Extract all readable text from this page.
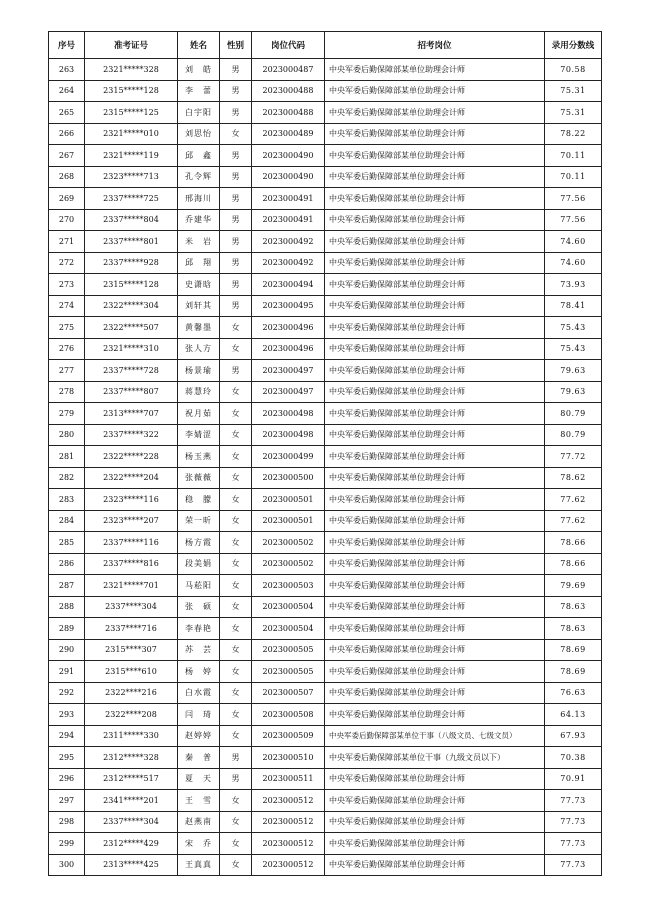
序号	准考证号	姓名	性别	岗位代码	招考岗位	录用分数线
263	2321*****328	刘　皓	男	2023000487	中央军委后勤保障部某单位助理会计师	70.58
264	2315*****128	李　蕾	男	2023000488	中央军委后勤保障部某单位助理会计师	75.31
265	2315*****125	白宇阳	男	2023000488	中央军委后勤保障部某单位助理会计师	75.31
266	2321*****010	刘思怡	女	2023000489	中央军委后勤保障部某单位助理会计师	78.22
267	2321*****119	邱　鑫	男	2023000490	中央军委后勤保障部某单位助理会计师	70.11
268	2323*****713	孔令辉	男	2023000490	中央军委后勤保障部某单位助理会计师	70.11
269	2337*****725	邢海川	男	2023000491	中央军委后勤保障部某单位助理会计师	77.56
270	2337*****804	乔建华	男	2023000491	中央军委后勤保障部某单位助理会计师	77.56
271	2337*****801	米　岩	男	2023000492	中央军委后勤保障部某单位助理会计师	74.60
272	2337*****928	邱　翔	男	2023000492	中央军委后勤保障部某单位助理会计师	74.60
273	2315*****128	史潇晗	男	2023000494	中央军委后勤保障部某单位助理会计师	73.93
274	2322*****304	刘轩其	男	2023000495	中央军委后勤保障部某单位助理会计师	78.41
275	2322*****507	黄馨墨	女	2023000496	中央军委后勤保障部某单位助理会计师	75.43
276	2321*****310	张人方	女	2023000496	中央军委后勤保障部某单位助理会计师	75.43
277	2337*****728	杨景瑜	男	2023000497	中央军委后勤保障部某单位助理会计师	79.63
278	2337*****807	蒋慧玲	女	2023000497	中央军委后勤保障部某单位助理会计师	79.63
279	2313*****707	祝月茹	女	2023000498	中央军委后勤保障部某单位助理会计师	80.79
280	2337*****322	李婧涩	女	2023000498	中央军委后勤保障部某单位助理会计师	80.79
281	2322*****228	杨玉燕	女	2023000499	中央军委后勤保障部某单位助理会计师	77.72
282	2322*****204	张薇薇	女	2023000500	中央军委后勤保障部某单位助理会计师	78.62
283	2323*****116	稳　朦	女	2023000501	中央军委后勤保障部某单位助理会计师	77.62
284	2323*****207	荣一昕	女	2023000501	中央军委后勤保障部某单位助理会计师	77.62
285	2337*****116	杨方霞	女	2023000502	中央军委后勤保障部某单位助理会计师	78.66
286	2337*****816	段美娟	女	2023000502	中央军委后勤保障部某单位助理会计师	78.66
287	2321*****701	马菘阳	女	2023000503	中央军委后勤保障部某单位助理会计师	79.69
288	2337****304	张　硕	女	2023000504	中央军委后勤保障部某单位助理会计师	78.63
289	2337****716	李春艳	女	2023000504	中央军委后勤保障部某单位助理会计师	78.63
290	2315****307	苏　芸	女	2023000505	中央军委后勤保障部某单位助理会计师	78.69
291	2315****610	杨　婷	女	2023000505	中央军委后勤保障部某单位助理会计师	78.69
292	2322****216	白水霞	女	2023000507	中央军委后勤保障部某单位助理会计师	76.63
293	2322****208	闫　琦	女	2023000508	中央军委后勤保障部某单位助理会计师	64.13
294	2311*****330	赵婷婷	女	2023000509	中央军委后勤保障部某单位干事（八级文员、七级文员）	67.93
295	2312*****328	秦　普	男	2023000510	中央军委后勤保障部某单位干事（九级文员以下）	70.38
296	2312*****517	夏　天	男	2023000511	中央军委后勤保障部某单位助理会计师	70.91
297	2341*****201	王　雪	女	2023000512	中央军委后勤保障部某单位助理会计师	77.73
298	2337*****304	赵燕南	女	2023000512	中央军委后勤保障部某单位助理会计师	77.73
299	2312*****429	宋　乔	女	2023000512	中央军委后勤保障部某单位助理会计师	77.73
300	2313*****425	王真真	女	2023000512	中央军委后勤保障部某单位助理会计师	77.73
